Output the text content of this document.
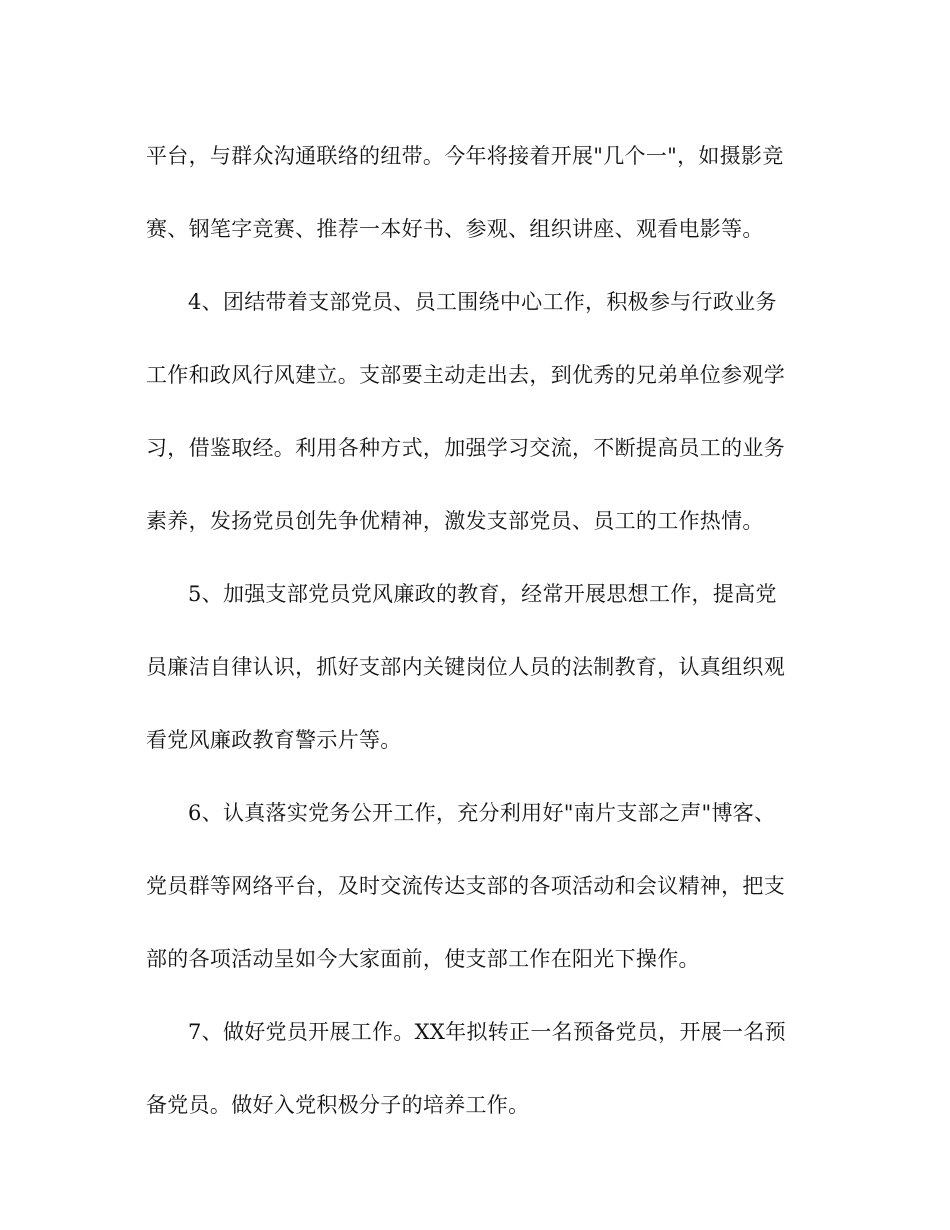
平台，与群众沟通联络的纽带。今年将接着开展"几个一"，如摄影竞
赛、钢笔字竞赛、推荐一本好书、参观、组织讲座、观看电影等。
4、团结带着支部党员、员工围绕中心工作，积极参与行政业务
工作和政风行风建立。支部要主动走出去，到优秀的兄弟单位参观学
习，借鉴取经。利用各种方式，加强学习交流，不断提高员工的业务
素养，发扬党员创先争优精神，激发支部党员、员工的工作热情。
5、加强支部党员党风廉政的教育，经常开展思想工作，提高党
员廉洁自律认识，抓好支部内关键岗位人员的法制教育，认真组织观
看党风廉政教育警示片等。
6、认真落实党务公开工作，充分利用好"南片支部之声"博客、
党员群等网络平台，及时交流传达支部的各项活动和会议精神，把支
部的各项活动呈如今大家面前，使支部工作在阳光下操作。
7、做好党员开展工作。XX年拟转正一名预备党员，开展一名预
备党员。做好入党积极分子的培养工作。
